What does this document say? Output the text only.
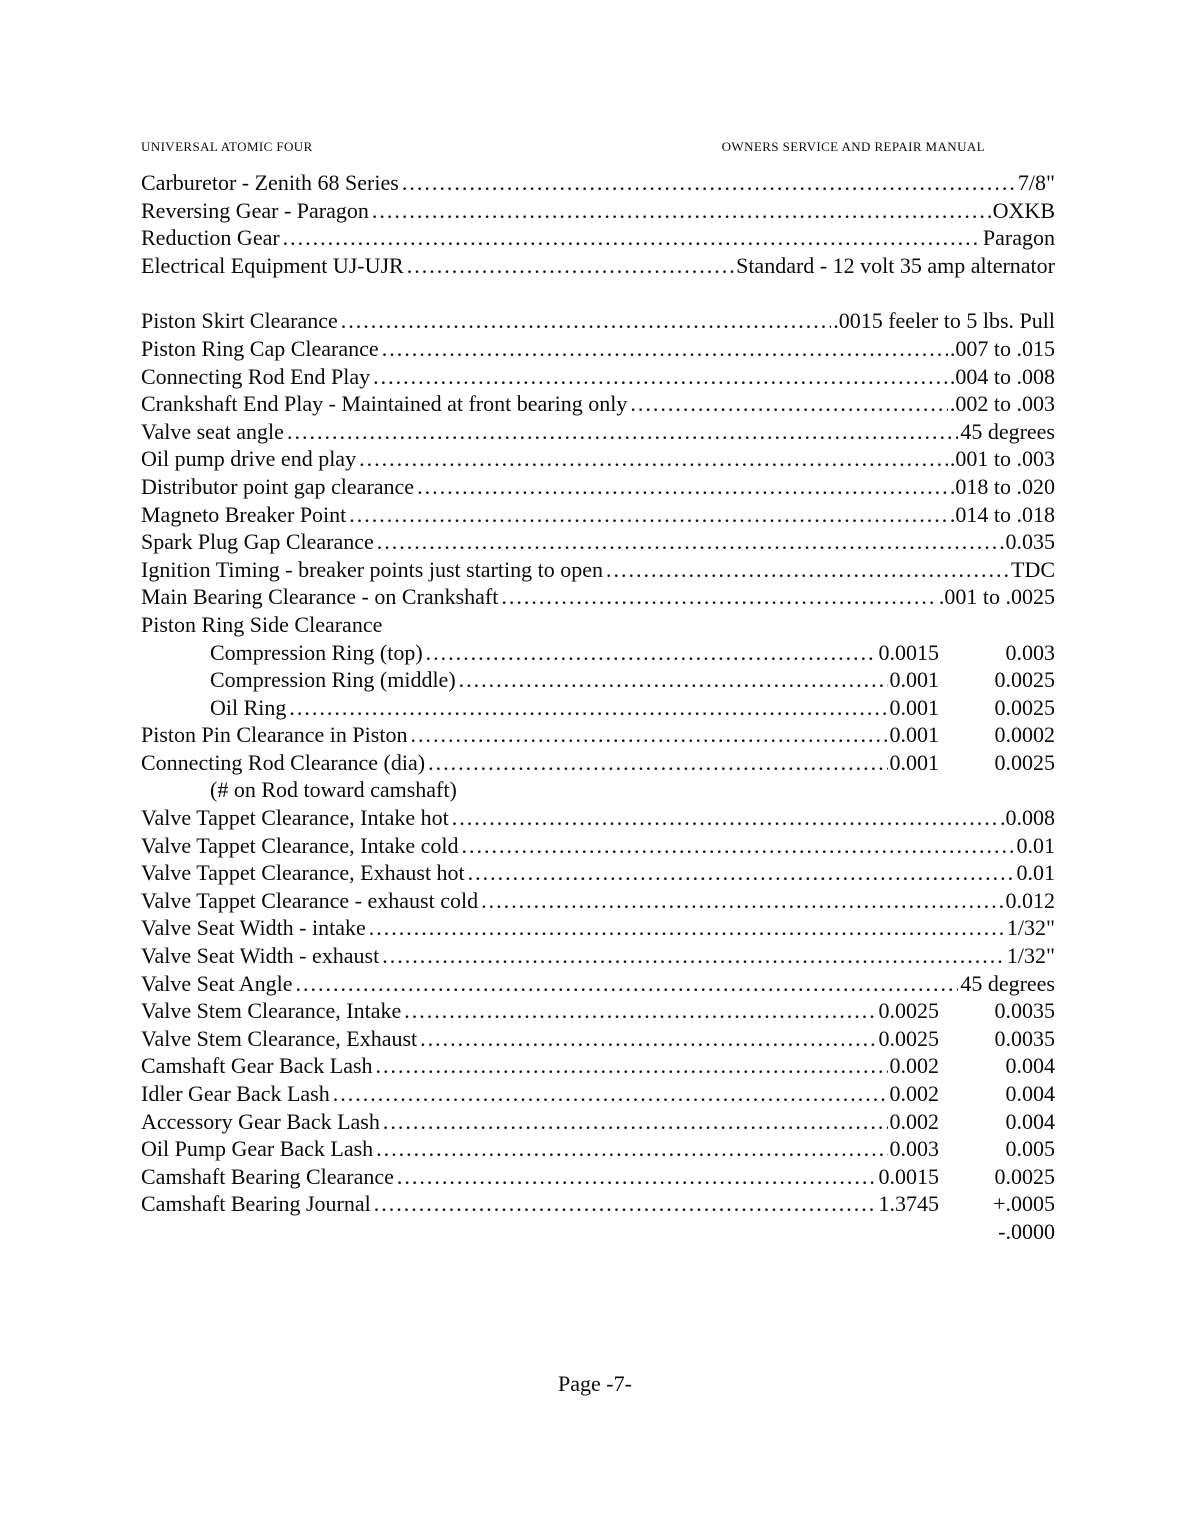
UNIVERSAL ATOMIC FOUR	OWNERS SERVICE AND REPAIR MANUAL
Carburetor - Zenith 68 Series .....	7/8"
Reversing Gear - Paragon .....	OXKB
Reduction Gear .....	Paragon
Electrical Equipment UJ-UJR .....	Standard - 12 volt 35 amp alternator
Piston Skirt Clearance .....	.0015 feeler to 5 lbs. Pull
Piston Ring Cap Clearance .....	.007 to .015
Connecting Rod End Play .....	.004 to .008
Crankshaft End Play - Maintained at front bearing only .....	.002 to .003
Valve seat angle .....	45 degrees
Oil pump drive end play .....	.001 to .003
Distributor point gap clearance .....	.018 to .020
Magneto Breaker Point .....	.014 to .018
Spark Plug Gap Clearance .....	0.035
Ignition Timing - breaker points just starting to open .....	TDC
Main Bearing Clearance - on Crankshaft .....	.001 to .0025
Piston Ring Side Clearance
Compression Ring (top) .....	0.0015	0.003
Compression Ring (middle) .....	0.001	0.0025
Oil Ring .....	0.001	0.0025
Piston Pin Clearance in Piston .....	0.001	0.0002
Connecting Rod Clearance (dia) .....	0.001	0.0025
(# on Rod toward camshaft)
Valve Tappet Clearance, Intake hot .....	.0.008
Valve Tappet Clearance, Intake cold .....	0.01
Valve Tappet Clearance, Exhaust hot .....	0.01
Valve Tappet Clearance - exhaust cold .....	0.012
Valve Seat Width - intake .....	1/32"
Valve Seat Width - exhaust .....	1/32"
Valve Seat Angle .....	45 degrees
Valve Stem Clearance, Intake .....	0.0025	0.0035
Valve Stem Clearance, Exhaust .....	0.0025	0.0035
Camshaft Gear Back Lash .....	0.002	0.004
Idler Gear Back Lash .....	0.002	0.004
Accessory Gear Back Lash .....	0.002	0.004
Oil Pump Gear Back Lash .....	0.003	0.005
Camshaft Bearing Clearance .....	0.0015	0.0025
Camshaft Bearing Journal .....	1.3745	+.0005
-.0000
Page -7-
